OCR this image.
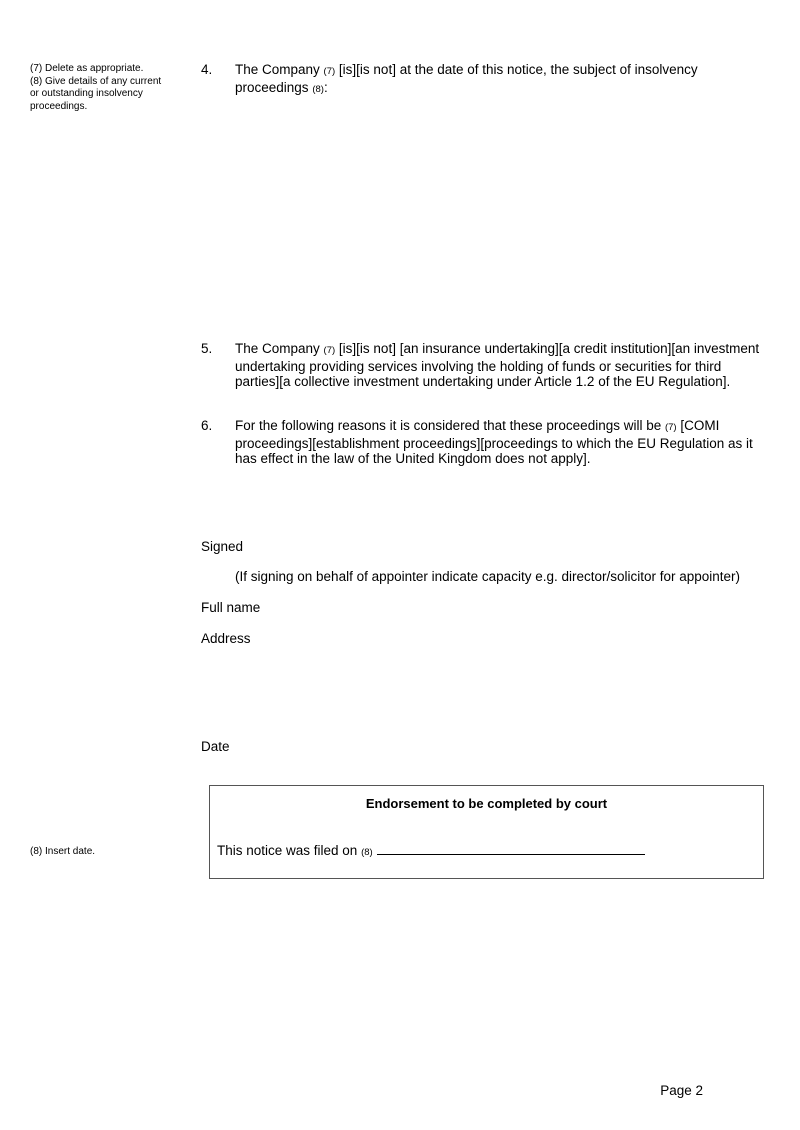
(7) Delete as appropriate.
(8) Give details of any current
or outstanding insolvency
proceedings.
(8) Insert date.
4. The Company (7) [is][is not] at the date of this notice, the subject of insolvency proceedings (8):
5. The Company (7) [is][is not] [an insurance undertaking][a credit institution][an investment undertaking providing services involving the holding of funds or securities for third parties][a collective investment undertaking under Article 1.2 of the EU Regulation].
6. For the following reasons it is considered that these proceedings will be (7) [COMI proceedings][establishment proceedings][proceedings to which the EU Regulation as it has effect in the law of the United Kingdom does not apply].
Signed
(If signing on behalf of appointer indicate capacity e.g. director/solicitor for appointer)
Full name
Address
Date
Endorsement to be completed by court
This notice was filed on (8)
Page 2
